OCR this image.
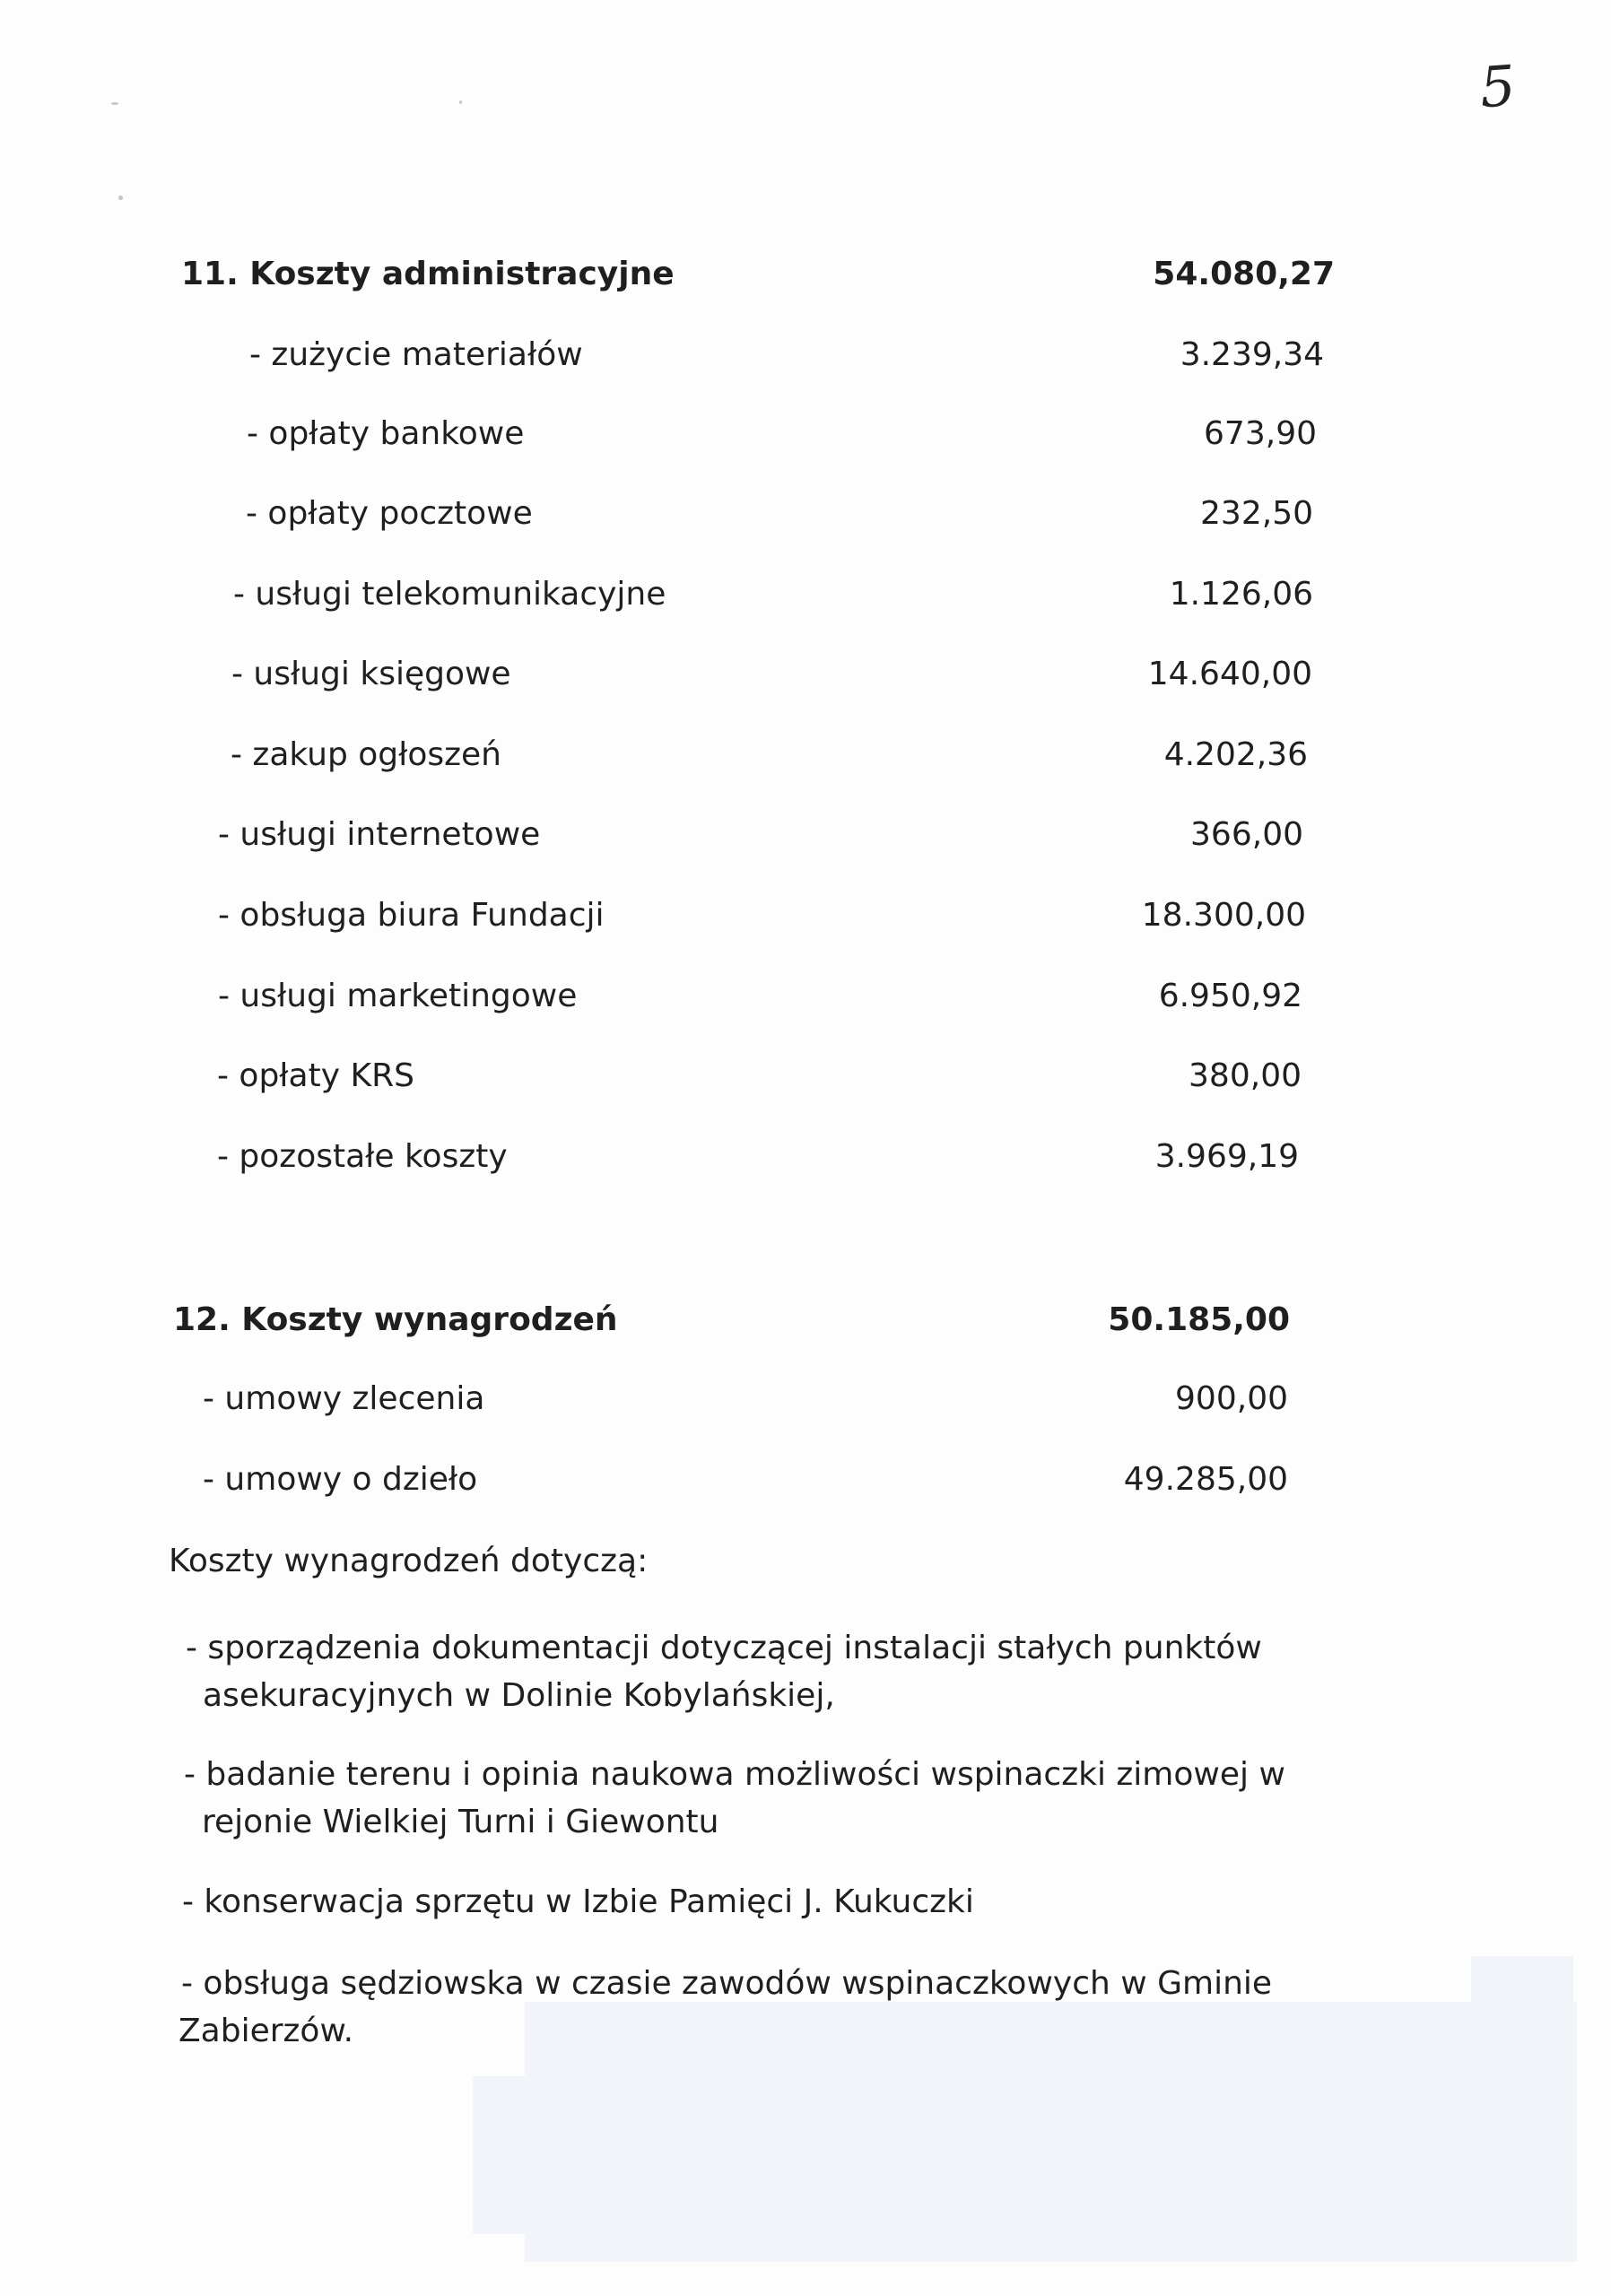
5
11. Koszty administracyjne	54.080,27
- zużycie materiałów	3.239,34
- opłaty bankowe	673,90
- opłaty pocztowe	232,50
- usługi telekomunikacyjne	1.126,06
- usługi księgowe	14.640,00
- zakup ogłoszeń	4.202,36
- usługi internetowe	366,00
- obsługa biura Fundacji	18.300,00
- usługi marketingowe	6.950,92
- opłaty KRS	380,00
- pozostałe koszty	3.969,19
12. Koszty wynagrodzeń	50.185,00
- umowy zlecenia	900,00
- umowy o dzieło	49.285,00
Koszty wynagrodzeń dotyczą:
- sporządzenia dokumentacji dotyczącej instalacji stałych punktów
asekuracyjnych w Dolinie Kobylańskiej,
- badanie terenu i opinia naukowa możliwości wspinaczki zimowej w
rejonie Wielkiej Turni i Giewontu
- konserwacja sprzętu w Izbie Pamięci J. Kukuczki
- obsługa sędziowska w czasie zawodów wspinaczkowych w Gminie
Zabierzów.
